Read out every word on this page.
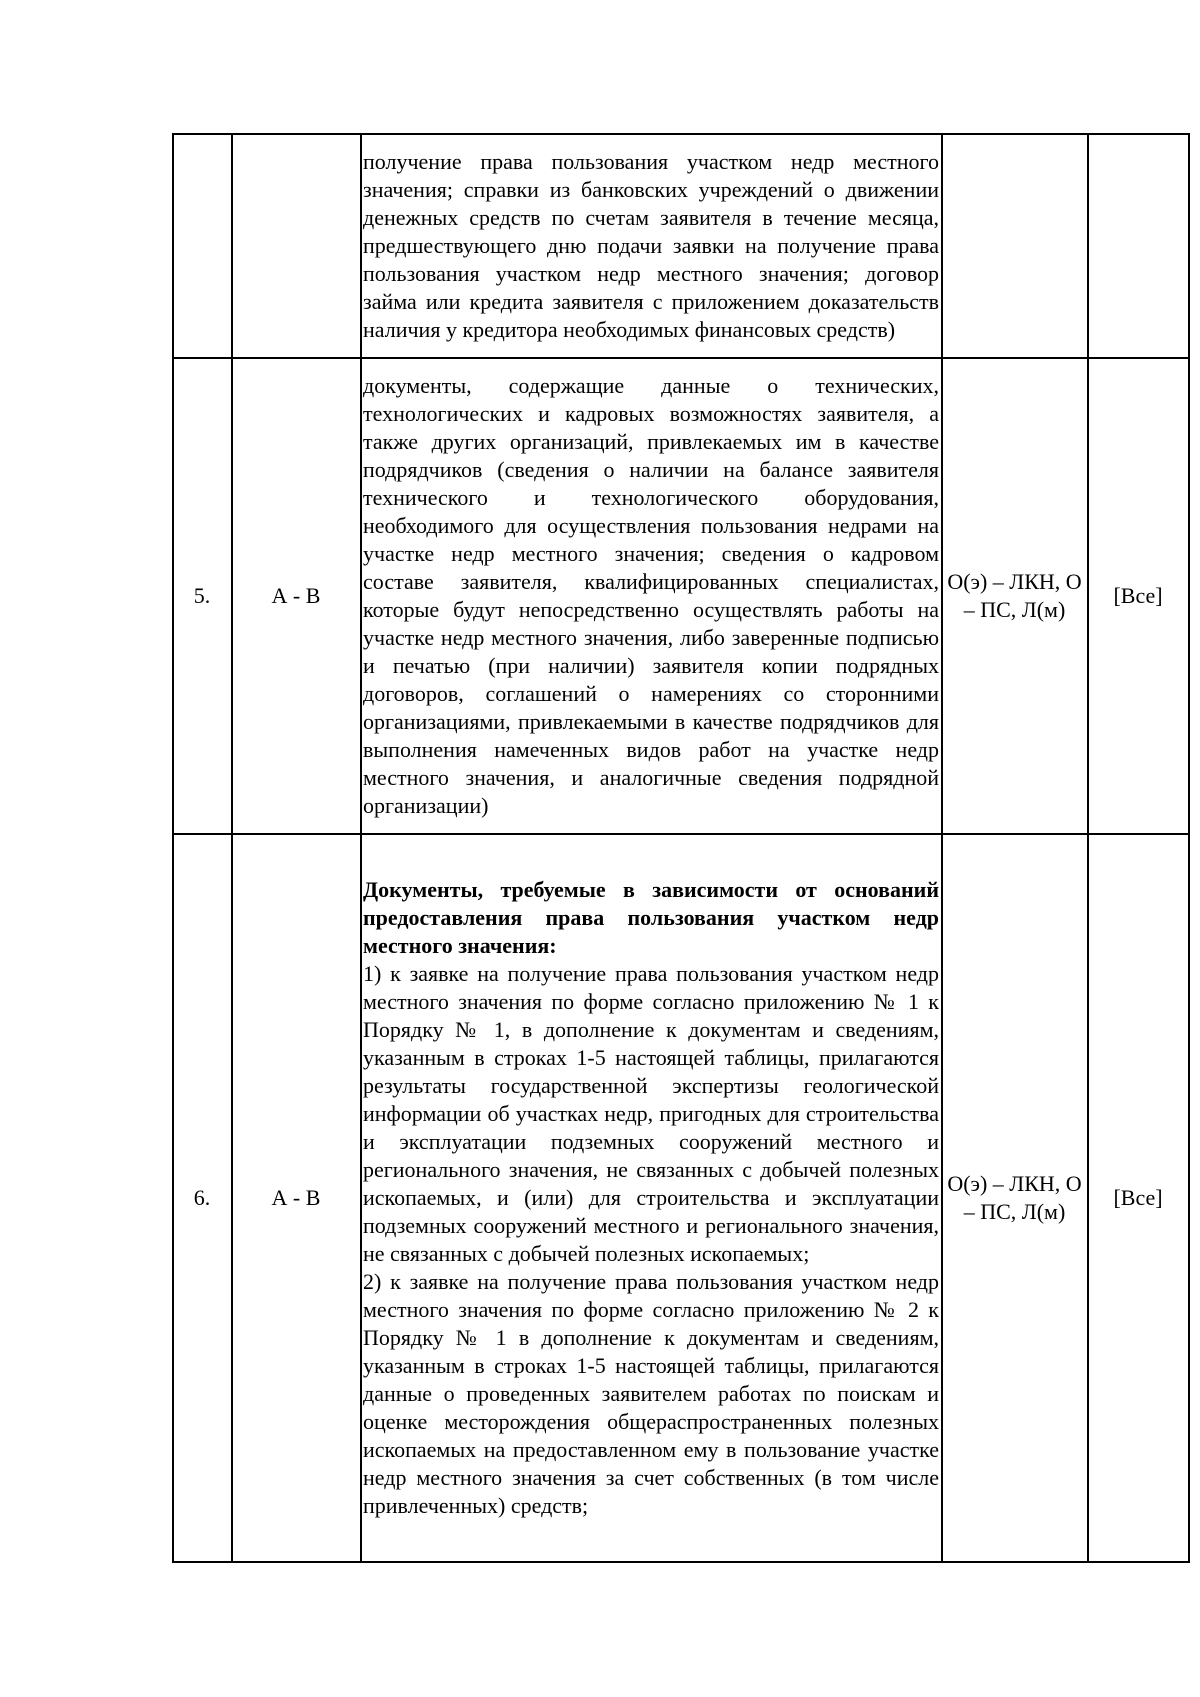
		получение права пользования участком недр местного значения; справки из банковских учреждений о движении денежных средств по счетам заявителя в течение месяца, предшествующего дню подачи заявки на получение права пользования участком недр местного значения; договор займа или кредита заявителя с приложением доказательств наличия у кредитора необходимых финансовых средств)		

5.	А - В	документы, содержащие данные о технических, технологических и кадровых возможностях заявителя, а также других организаций, привлекаемых им в качестве подрядчиков (сведения о наличии на балансе заявителя технического и технологического оборудования, необходимого для осуществления пользования недрами на участке недр местного значения; сведения о кадровом составе заявителя, квалифицированных специалистах, которые будут непосредственно осуществлять работы на участке недр местного значения, либо заверенные подписью и печатью (при наличии) заявителя копии подрядных договоров, соглашений о намерениях со сторонними организациями, привлекаемыми в качестве подрядчиков для выполнения намеченных видов работ на участке недр местного значения, и аналогичные сведения подрядной организации)	О(э) – ЛКН, О – ПС, Л(м)	[Все]
6.	А - В	Документы, требуемые в зависимости от оснований предоставления права пользования участком недр местного значения:

1) к заявке на получение права пользования участком недр местного значения по форме согласно приложению № 1 к Порядку № 1, в дополнение к документам и сведениям, указанным в строках 1-5 настоящей таблицы, прилагаются результаты государственной экспертизы геологической информации об участках недр, пригодных для строительства и эксплуатации подземных сооружений местного и регионального значения, не связанных с добычей полезных ископаемых, и (или) для строительства и эксплуатации подземных сооружений местного и регионального значения, не связанных с добычей полезных ископаемых;

2) к заявке на получение права пользования участком недр местного значения по форме согласно приложению № 2 к Порядку № 1 в дополнение к документам и сведениям, указанным в строках 1-5 настоящей таблицы, прилагаются данные о проведенных заявителем работах по поискам и оценке месторождения общераспространенных полезных ископаемых на предоставленном ему в пользование участке недр местного значения за счет собственных (в том числе привлеченных) средств;	О(э) – ЛКН, О – ПС, Л(м)	[Все]
